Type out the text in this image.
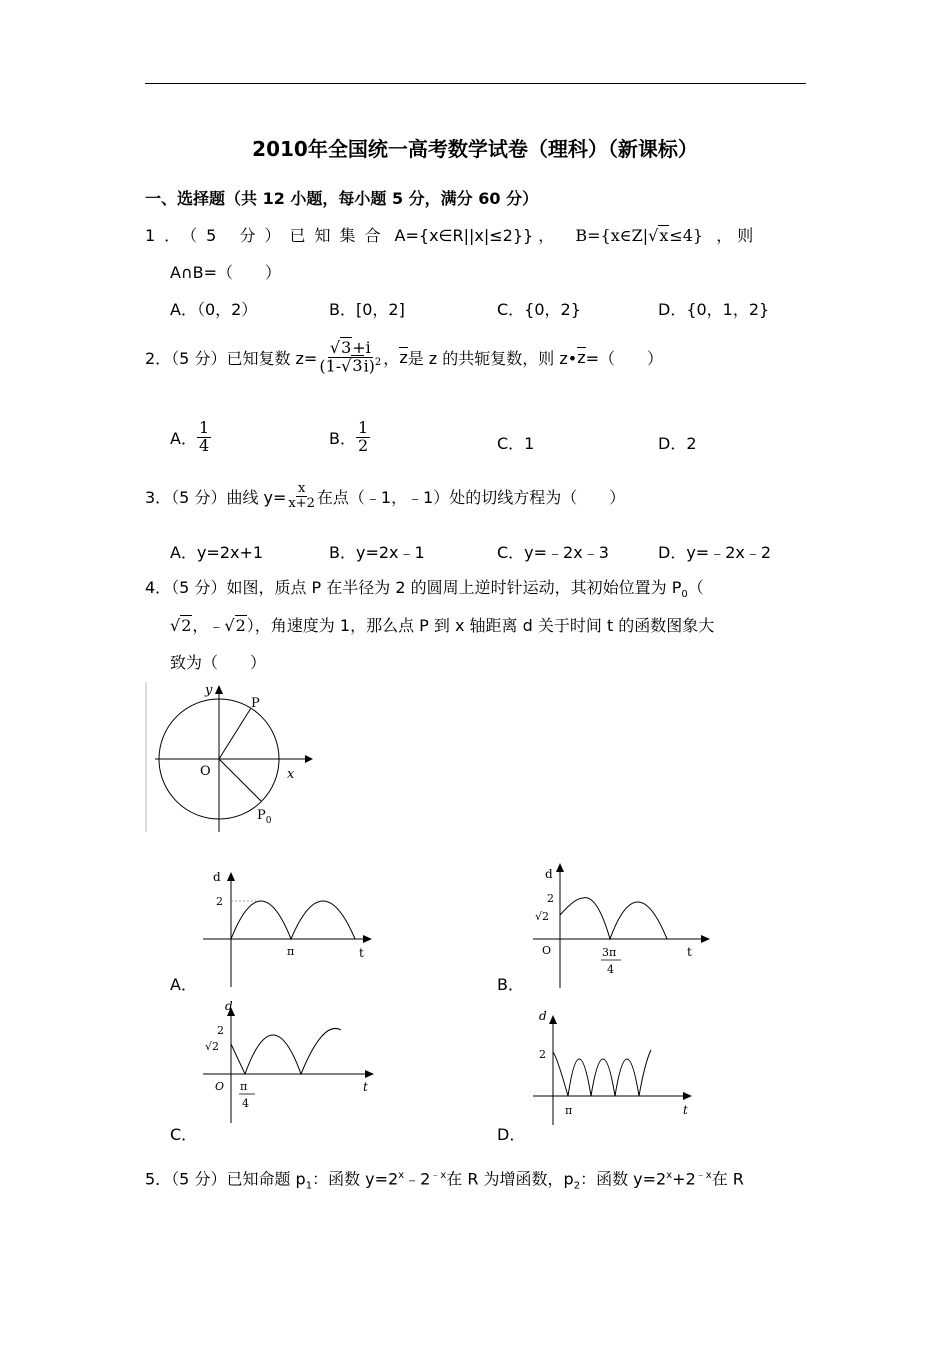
2010年全国统一高考数学试卷（理科）（新课标）
一、选择题（共 12 小题，每小题 5 分，满分 60 分）
1．（5 分）已知集合 A={x∈R||x|≤2}} ， B={x∈Z|√x≤4} ， 则
A∩B=（　　）
A．（0，2）	B．[0，2]	C．{0，2}	D．{0，1，2}
2．（5 分）已知复数 $z= \frac{√3+i}{(1-√3i)^2}$ ， z 是 z 的共轭复数，则 z• z =（　　）
A． $\frac{1}{4}$	B． $\frac{1}{2}$	C．1	D．2
3．（5 分）曲线 $y= \frac{x}{x+2}$ 在点（﹣1，﹣1）处的切线方程为（　　）
A．y=2x+1	B．y=2x﹣1	C．y=﹣2x﹣3	D．y=﹣2x﹣2
4．（5 分）如图，质点 P 在半径为 2 的圆周上逆时针运动，其初始位置为 $P_0$（
√2，﹣√2），角速度为 1，那么点 P 到 x 轴距离 d 关于时间 t 的函数图象大
致为（　　）
y
x
O
P
$P_0$
d
2
π	t
A．
d
2
√2
O	3π
4
t
B．
d
2
√2
O π
4
t
C．
d
2
π	t
D．
5．（5 分）已知命题 $p_1$：函数 $y=2^x﹣2^{﹣x}$在 R 为增函数，$p_2$：函数 $y=2^x+2^{﹣x}$在 R
